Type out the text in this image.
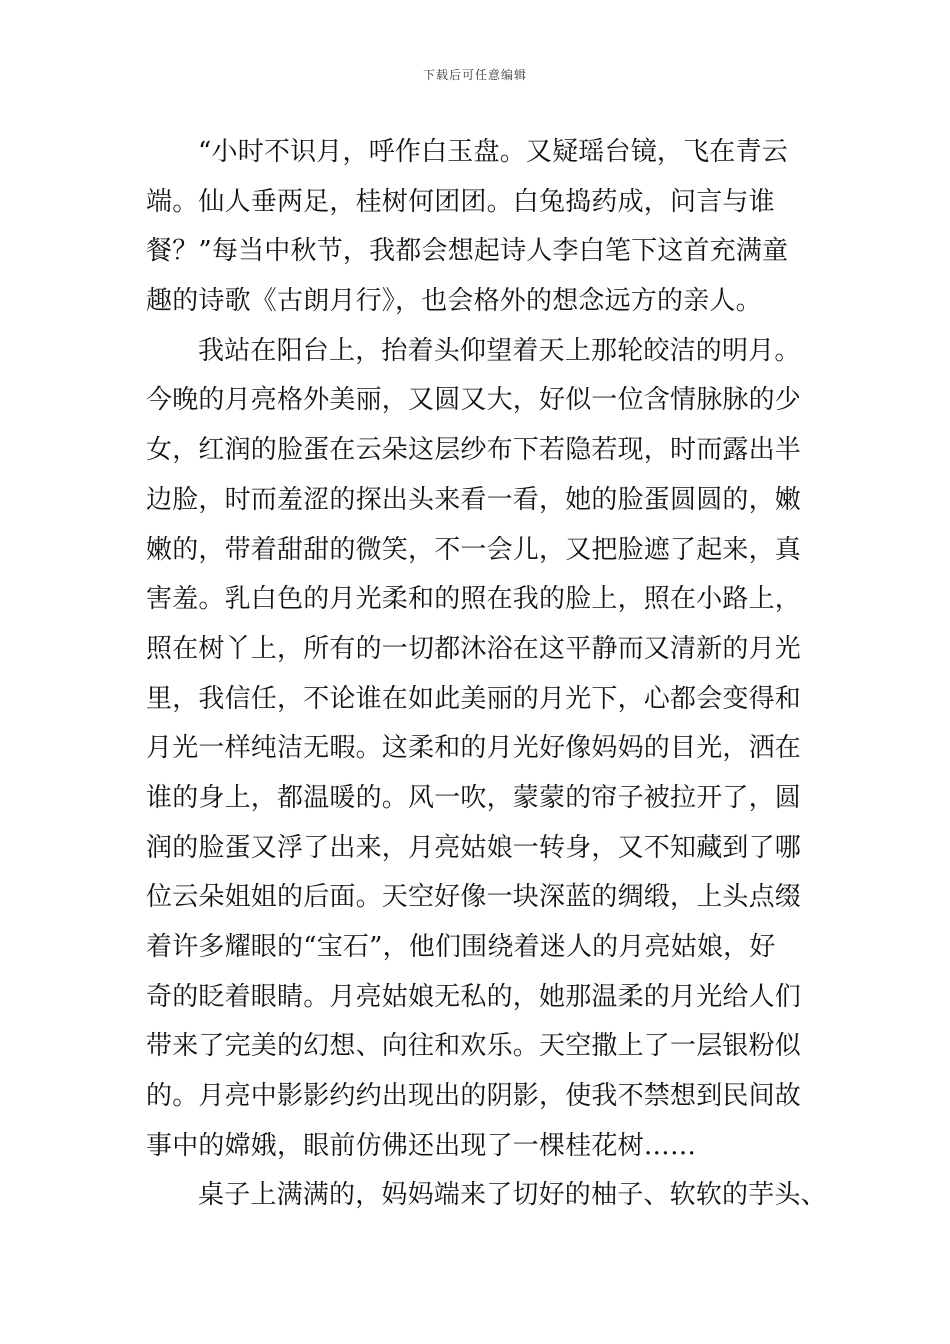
下载后可任意编辑
“小时不识月，呼作白玉盘。又疑瑶台镜，飞在青云
端。仙人垂两足，桂树何团团。白兔捣药成，问言与谁
餐？”每当中秋节，我都会想起诗人李白笔下这首充满童
趣的诗歌《古朗月行》，也会格外的想念远方的亲人。
我站在阳台上，抬着头仰望着天上那轮皎洁的明月。
今晚的月亮格外美丽，又圆又大，好似一位含情脉脉的少
女，红润的脸蛋在云朵这层纱布下若隐若现，时而露出半
边脸，时而羞涩的探出头来看一看，她的脸蛋圆圆的，嫩
嫩的，带着甜甜的微笑，不一会儿，又把脸遮了起来，真
害羞。乳白色的月光柔和的照在我的脸上，照在小路上，
照在树丫上，所有的一切都沐浴在这平静而又清新的月光
里，我信任，不论谁在如此美丽的月光下，心都会变得和
月光一样纯洁无暇。这柔和的月光好像妈妈的目光，洒在
谁的身上，都温暖的。风一吹，蒙蒙的帘子被拉开了，圆
润的脸蛋又浮了出来，月亮姑娘一转身，又不知藏到了哪
位云朵姐姐的后面。天空好像一块深蓝的绸缎，上头点缀
着许多耀眼的“宝石”，他们围绕着迷人的月亮姑娘，好
奇的眨着眼睛。月亮姑娘无私的，她那温柔的月光给人们
带来了完美的幻想、向往和欢乐。天空撒上了一层银粉似
的。月亮中影影约约出现出的阴影，使我不禁想到民间故
事中的嫦娥，眼前仿佛还出现了一棵桂花树……
桌子上满满的，妈妈端来了切好的柚子、软软的芋头、
